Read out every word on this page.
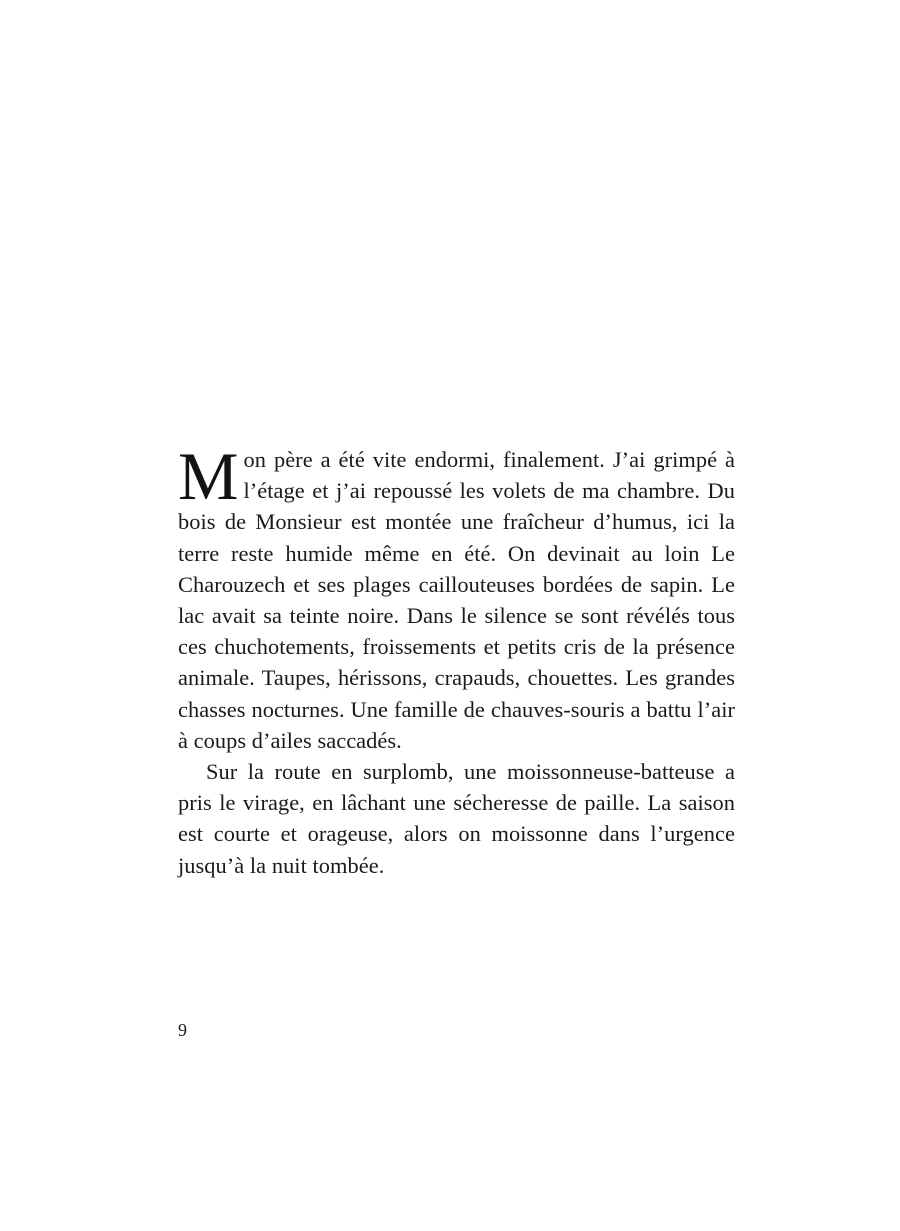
Mon père a été vite endormi, finalement. J’ai grimpé à l’étage et j’ai repoussé les volets de ma chambre. Du bois de Monsieur est montée une fraîcheur d’humus, ici la terre reste humide même en été. On devinait au loin Le Charouzech et ses plages caillouteuses bordées de sapin. Le lac avait sa teinte noire. Dans le silence se sont révélés tous ces chuchotements, froissements et petits cris de la présence animale. Taupes, hérissons, crapauds, chouettes. Les grandes chasses nocturnes. Une famille de chauves-souris a battu l’air à coups d’ailes saccadés.

Sur la route en surplomb, une moissonneuse-batteuse a pris le virage, en lâchant une sécheresse de paille. La saison est courte et orageuse, alors on moissonne dans l’urgence jusqu’à la nuit tombée.

9
